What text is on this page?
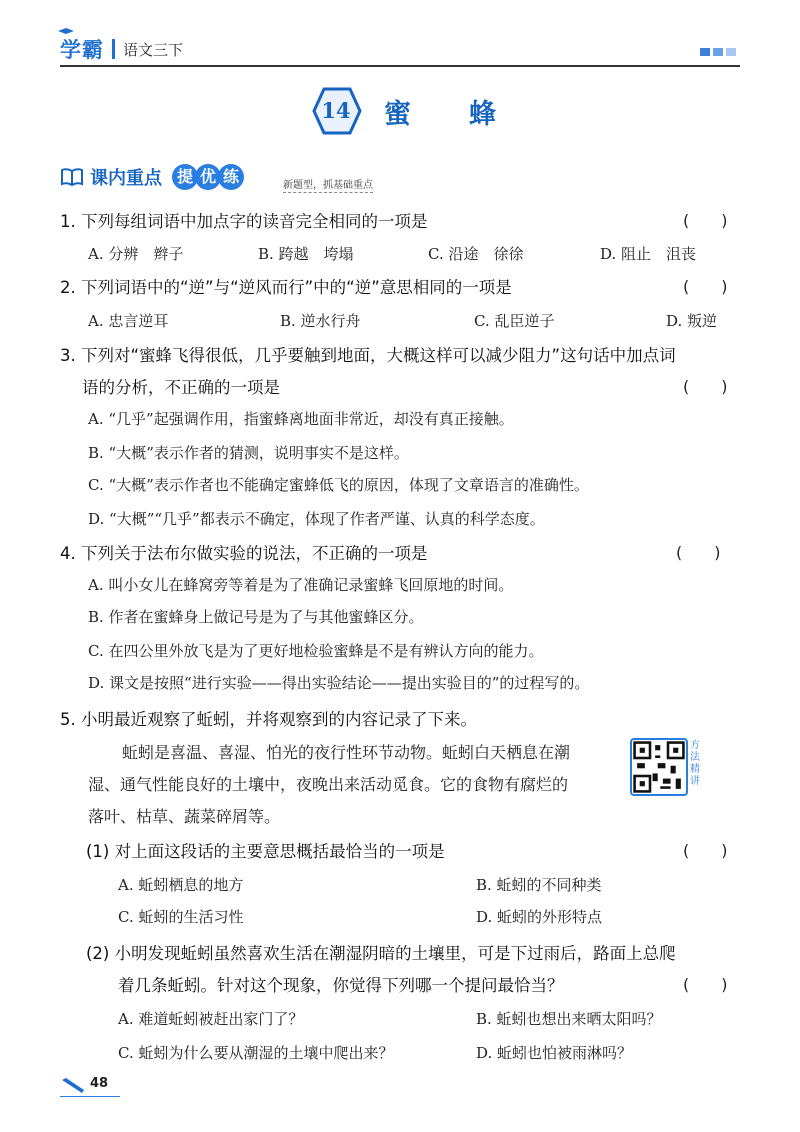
学霸 语文三下
14	蜜蜂
课内重点 提 优 练	新题型，抓基础重点
1. 下列每组词语中加点字的读音完全相同的一项是	(　　)
A. 分辨　辫子	B. 跨越　垮塌	C. 沿途　徐徐	D. 阻止　沮丧
2. 下列词语中的“逆”与“逆风而行”中的“逆”意思相同的一项是	(　　)
A. 忠言逆耳	B. 逆水行舟	C. 乱臣逆子	D. 叛逆
3. 下列对“蜜蜂飞得很低，几乎要触到地面，大概这样可以减少阻力”这句话中加点词
语的分析，不正确的一项是	(　　)
A. “几乎”起强调作用，指蜜蜂离地面非常近，却没有真正接触。
B. “大概”表示作者的猜测，说明事实不是这样。
C. “大概”表示作者也不能确定蜜蜂低飞的原因，体现了文章语言的准确性。
D. “大概”“几乎”都表示不确定，体现了作者严谨、认真的科学态度。
4. 下列关于法布尔做实验的说法，不正确的一项是	(　　)
A. 叫小女儿在蜂窝旁等着是为了准确记录蜜蜂飞回原地的时间。
B. 作者在蜜蜂身上做记号是为了与其他蜜蜂区分。
C. 在四公里外放飞是为了更好地检验蜜蜂是不是有辨认方向的能力。
D. 课文是按照“进行实验——得出实验结论——提出实验目的”的过程写的。
5. 小明最近观察了蚯蚓，并将观察到的内容记录了下来。
蚯蚓是喜温、喜湿、怕光的夜行性环节动物。蚯蚓白天栖息在潮
湿、通气性能良好的土壤中，夜晚出来活动觅食。它的食物有腐烂的
落叶、枯草、蔬菜碎屑等。
方法精讲
(1) 对上面这段话的主要意思概括最恰当的一项是	(　　)
A. 蚯蚓栖息的地方	B. 蚯蚓的不同种类
C. 蚯蚓的生活习性	D. 蚯蚓的外形特点
(2) 小明发现蚯蚓虽然喜欢生活在潮湿阴暗的土壤里，可是下过雨后，路面上总爬
着几条蚯蚓。针对这个现象，你觉得下列哪一个提问最恰当？	(　　)
A. 难道蚯蚓被赶出家门了？	B. 蚯蚓也想出来晒太阳吗？
C. 蚯蚓为什么要从潮湿的土壤中爬出来？	D. 蚯蚓也怕被雨淋吗？
48
